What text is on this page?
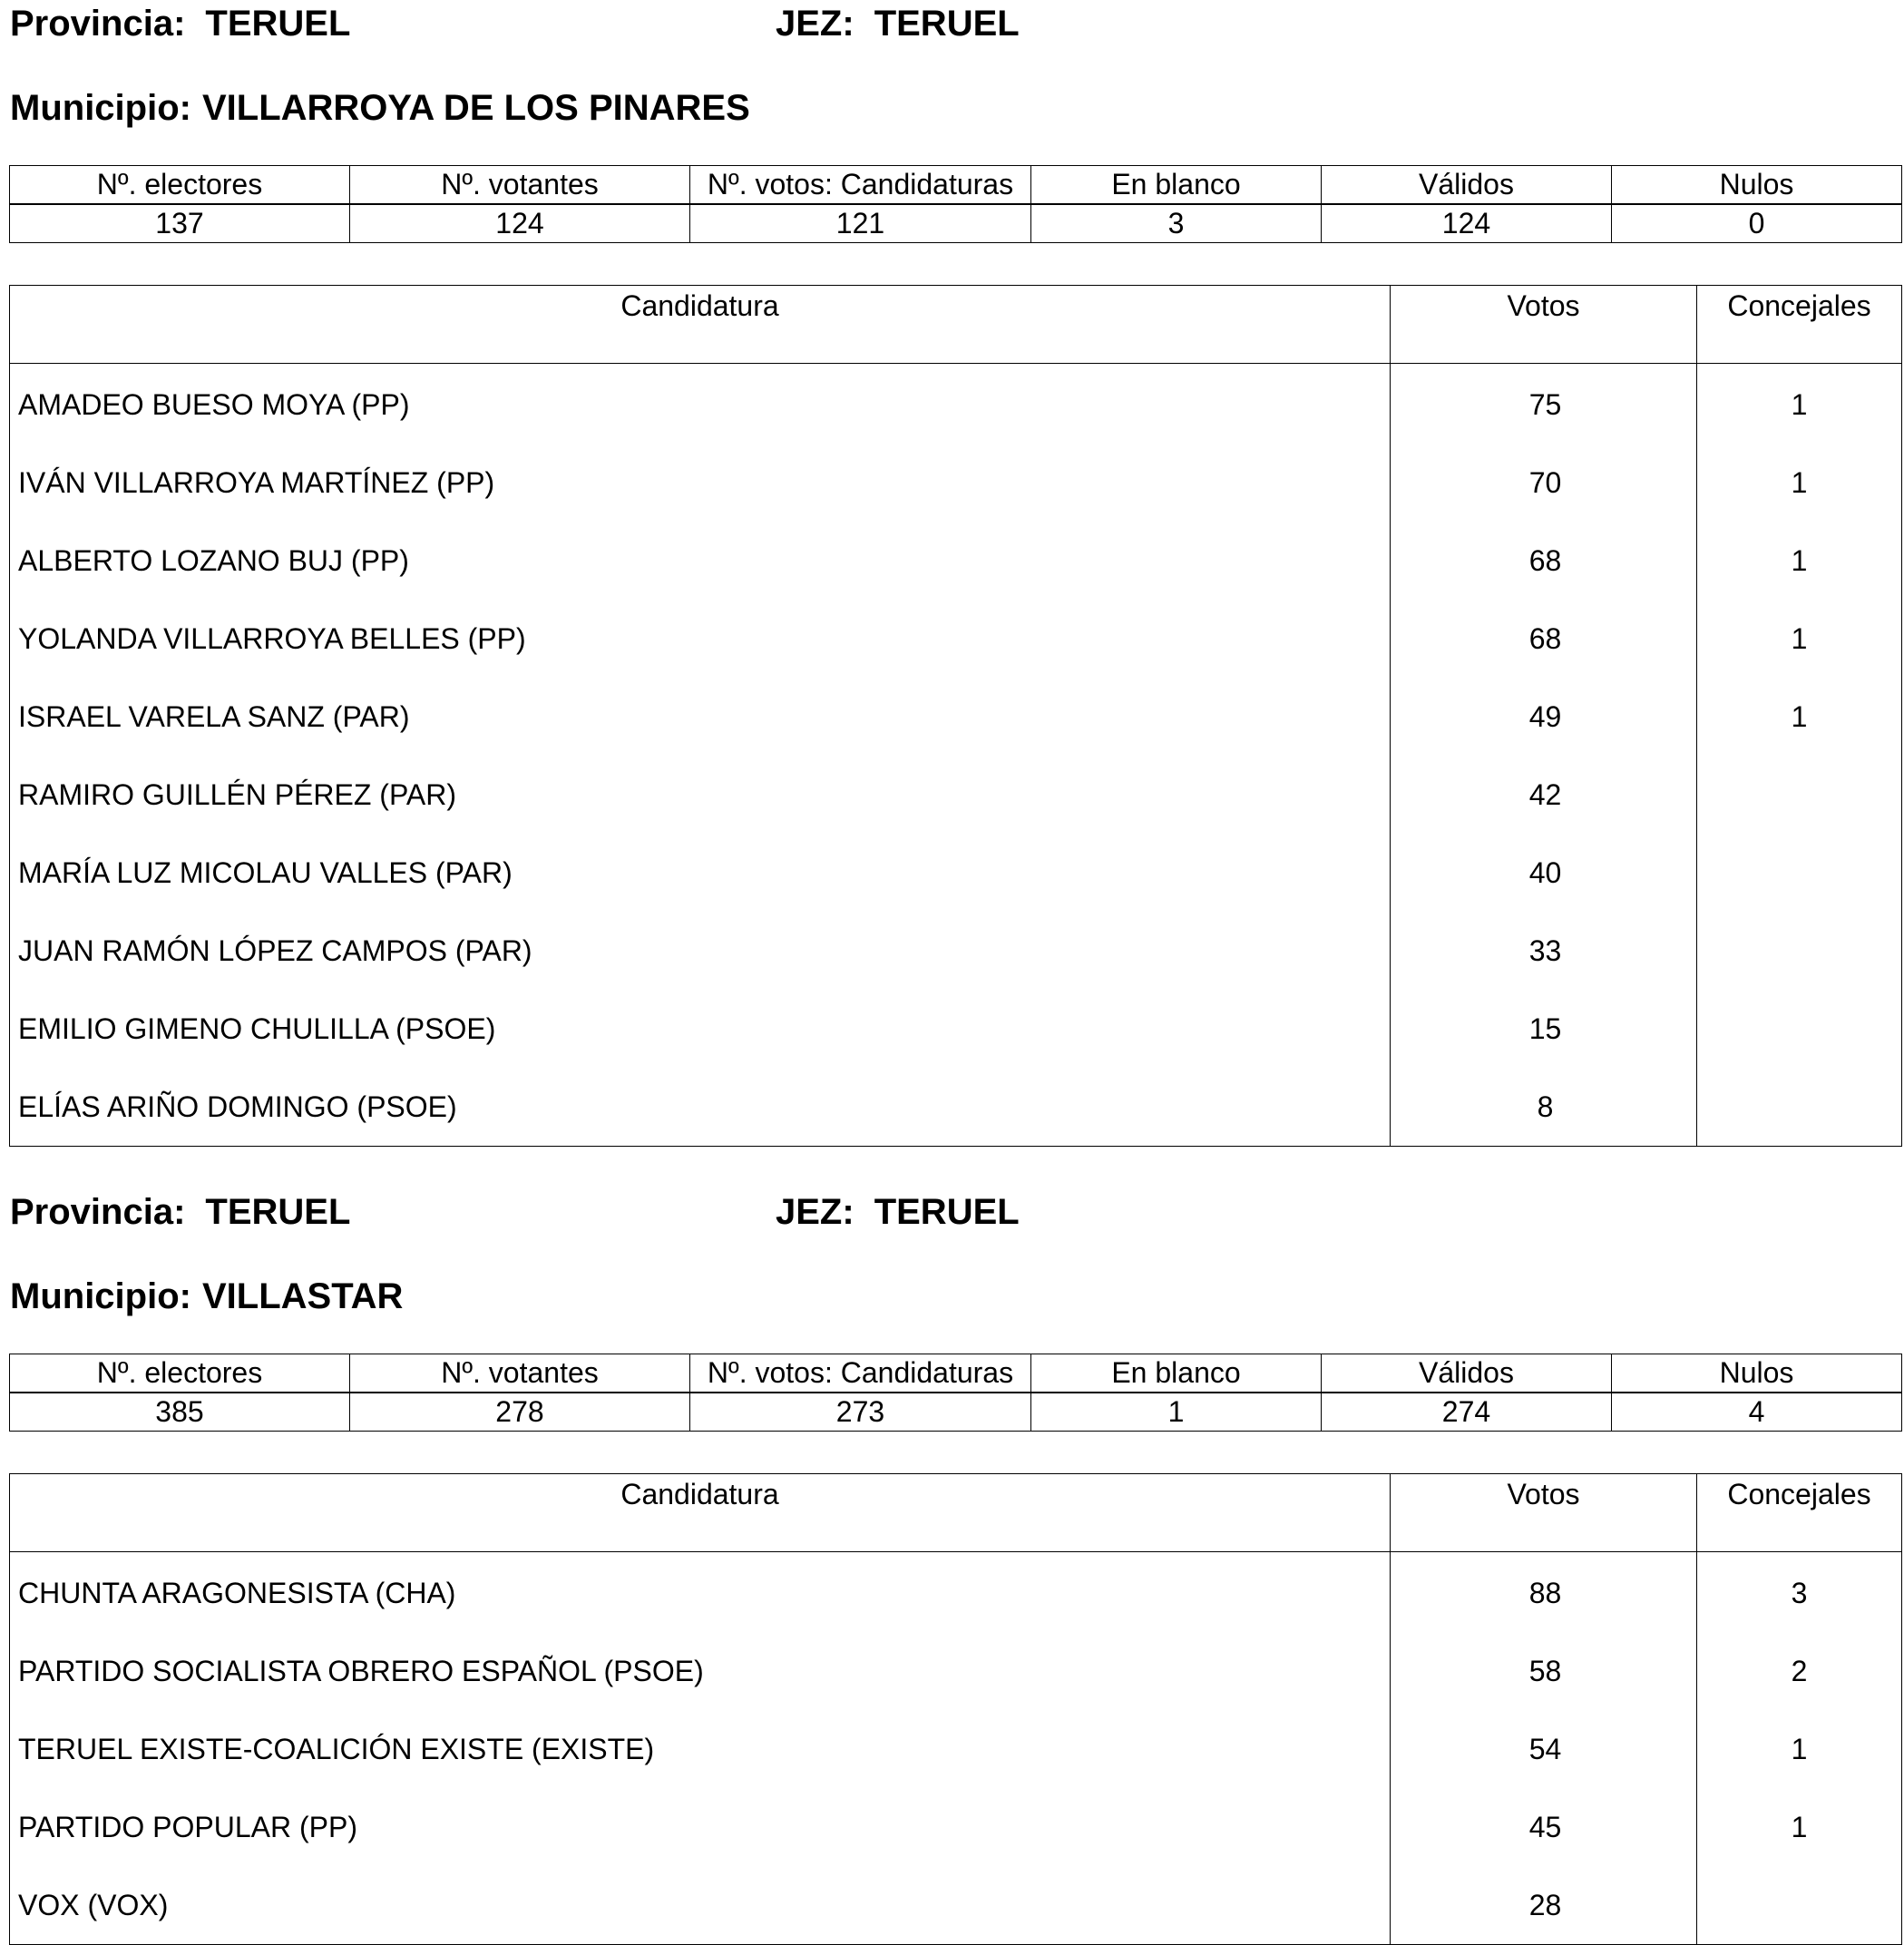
Provincia: TERUEL	JEZ: TERUEL
Municipio: VILLARROYA DE LOS PINARES
Nº. electores	Nº. votantes	Nº. votos: Candidaturas	En blanco	Válidos	Nulos

137	124	121	3	124	0
Candidatura	Votos	Concejales
AMADEO BUESO MOYA (PP)	75	1
IVÁN VILLARROYA MARTÍNEZ (PP)	70	1
ALBERTO LOZANO BUJ (PP)	68	1
YOLANDA VILLARROYA BELLES (PP)	68	1
ISRAEL VARELA SANZ (PAR)	49	1
RAMIRO GUILLÉN PÉREZ (PAR)	42	
MARÍA LUZ MICOLAU VALLES (PAR)	40	
JUAN RAMÓN LÓPEZ CAMPOS (PAR)	33	
EMILIO GIMENO CHULILLA (PSOE)	15	
ELÍAS ARIÑO DOMINGO (PSOE)	8	
Provincia: TERUEL	JEZ: TERUEL
Municipio: VILLASTAR
Nº. electores	Nº. votantes	Nº. votos: Candidaturas	En blanco	Válidos	Nulos

385	278	273	1	274	4
Candidatura	Votos	Concejales
CHUNTA ARAGONESISTA (CHA)	88	3
PARTIDO SOCIALISTA OBRERO ESPAÑOL (PSOE)	58	2
TERUEL EXISTE-COALICIÓN EXISTE (EXISTE)	54	1
PARTIDO POPULAR (PP)	45	1
VOX (VOX)	28	
